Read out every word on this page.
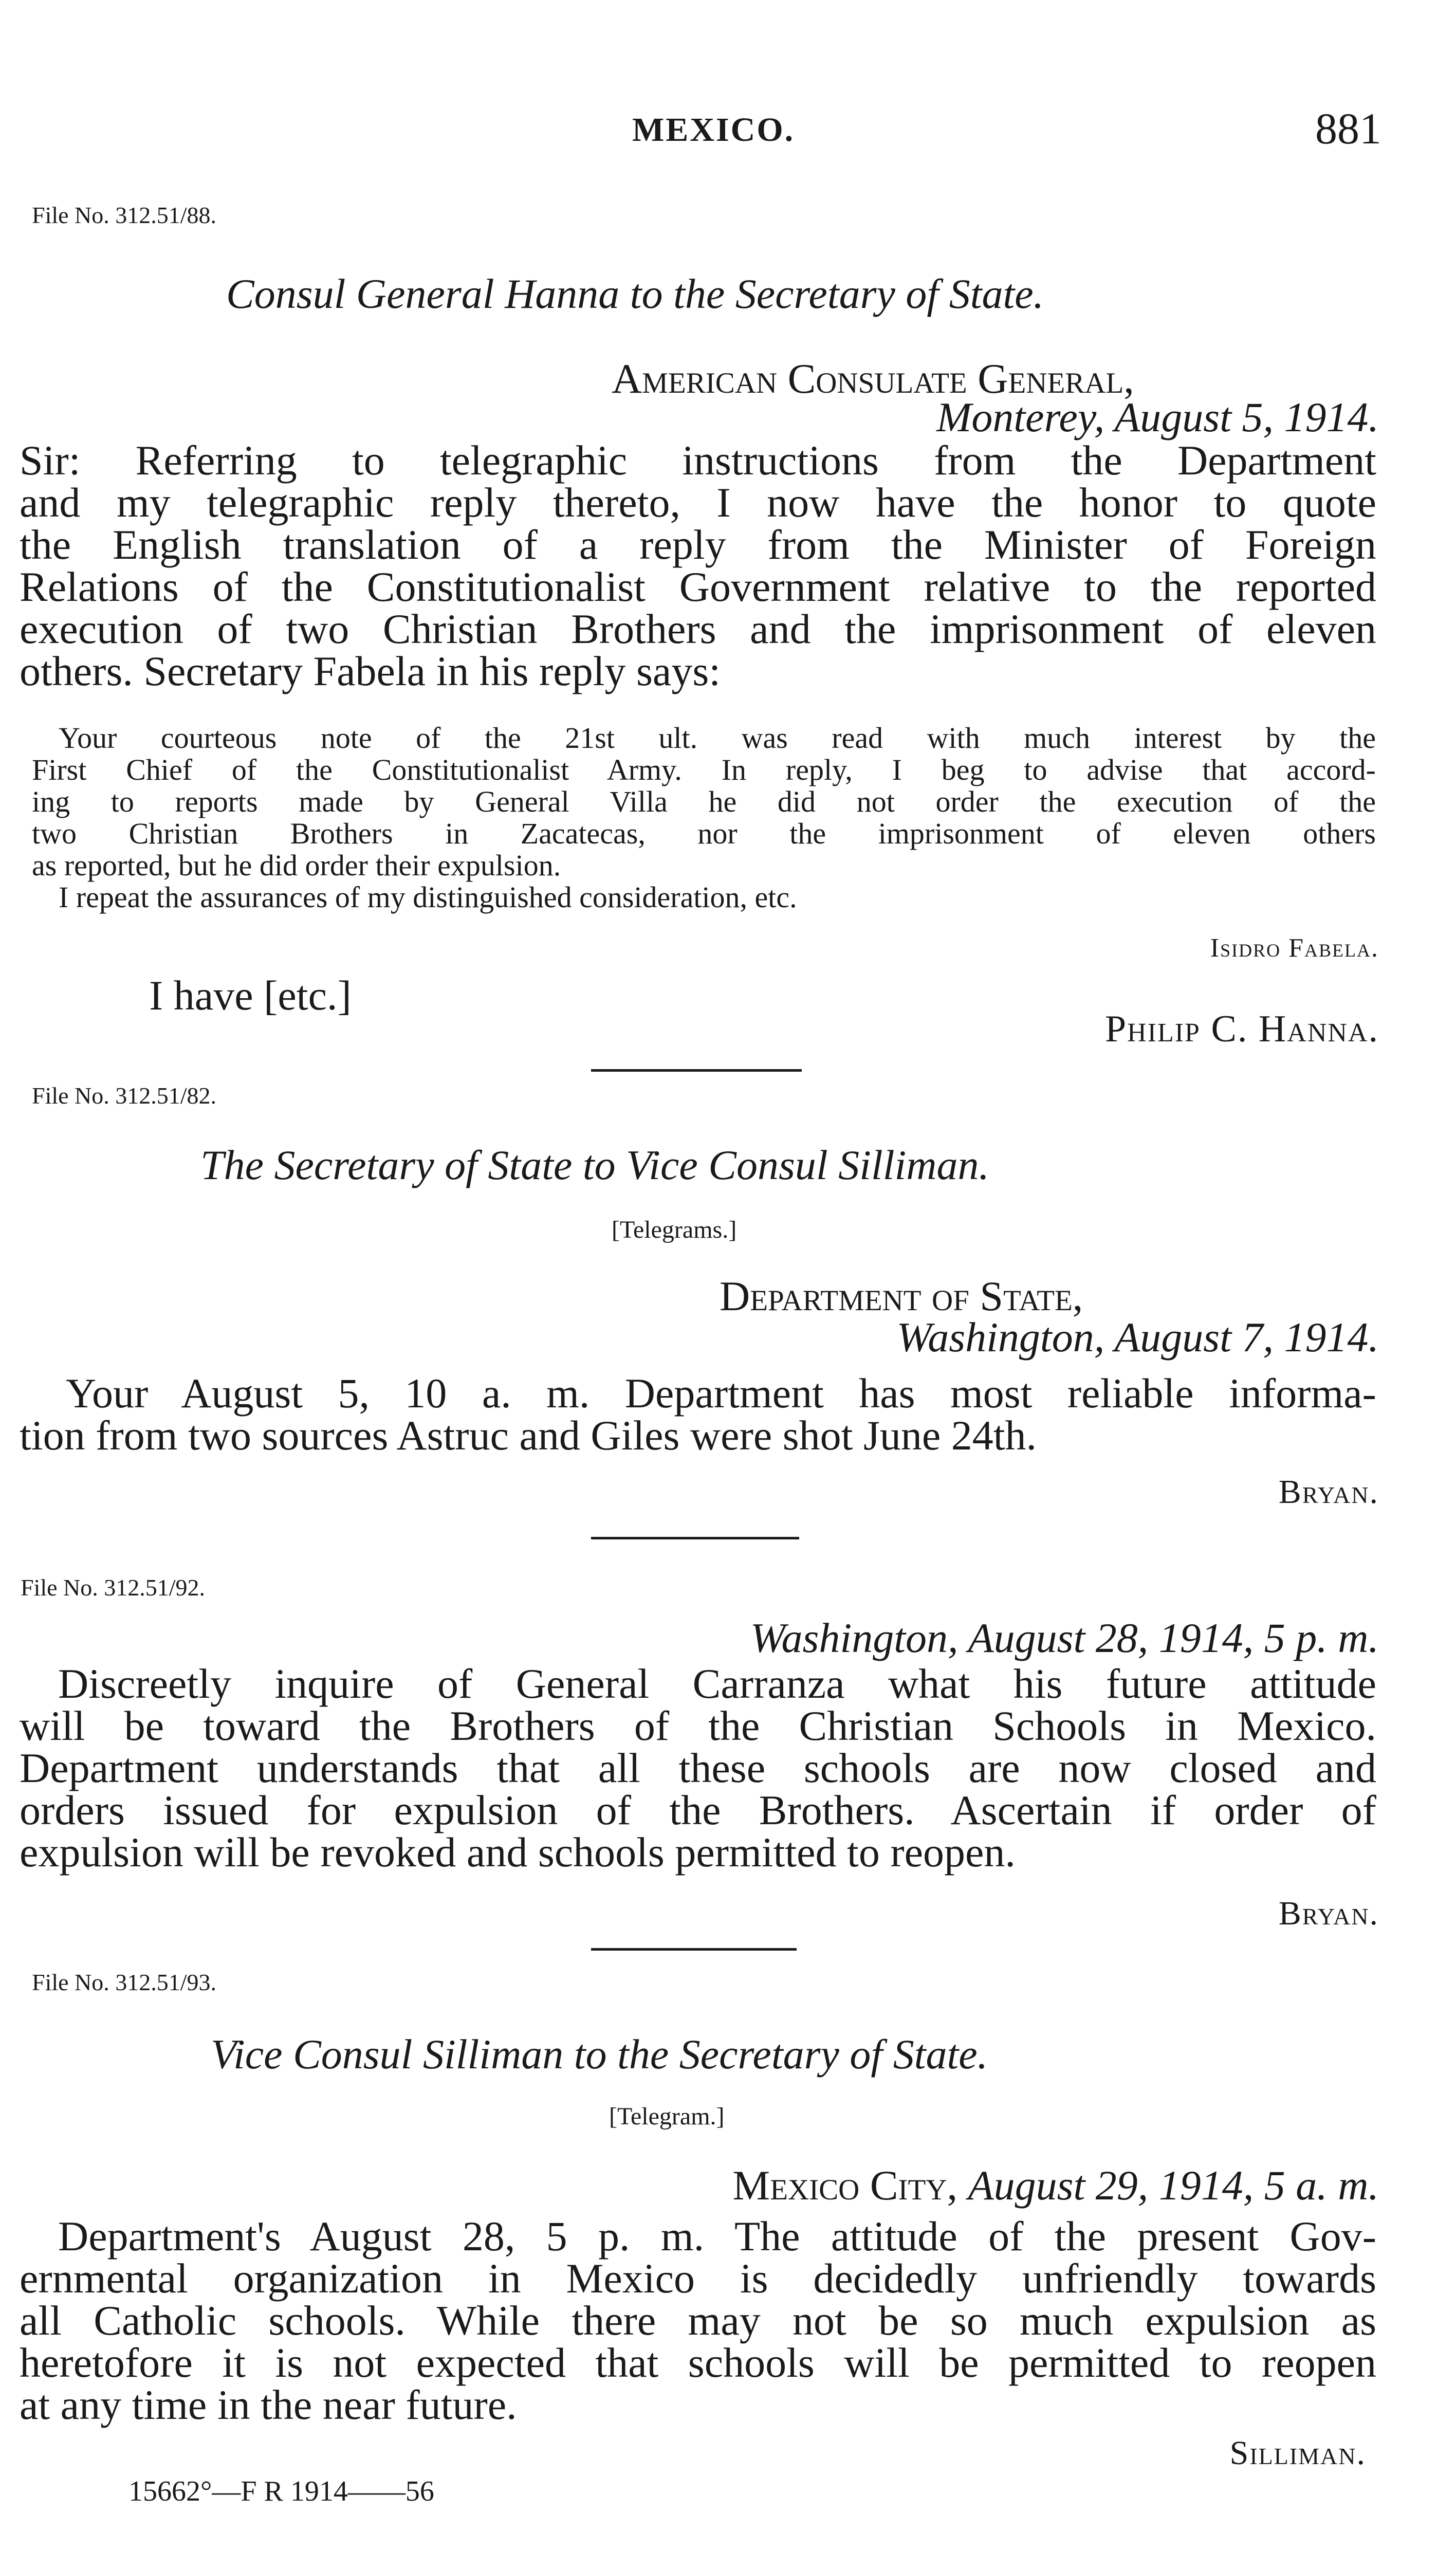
MEXICO.	881
File No. 312.51/88.
Consul General Hanna to the Secretary of State.
American Consulate General,
Monterey, August 5, 1914.
Sir: Referring to telegraphic instructions from the Department
and my telegraphic reply thereto, I now have the honor to quote
the English translation of a reply from the Minister of Foreign
Relations of the Constitutionalist Government relative to the reported
execution of two Christian Brothers and the imprisonment of eleven
others. Secretary Fabela in his reply says:
Your courteous note of the 21st ult. was read with much interest by the
First Chief of the Constitutionalist Army. In reply, I beg to advise that accord-
ing to reports made by General Villa he did not order the execution of the
two Christian Brothers in Zacatecas, nor the imprisonment of eleven others
as reported, but he did order their expulsion.
I repeat the assurances of my distinguished consideration, etc.
Isidro Fabela.
I have [etc.]
Philip C. Hanna.
File No. 312.51/82.
The Secretary of State to Vice Consul Silliman.
[Telegrams.]
Department of State,
Washington, August 7, 1914.
Your August 5, 10 a. m. Department has most reliable informa-
tion from two sources Astruc and Giles were shot June 24th.
Bryan.
File No. 312.51/92.
Washington, August 28, 1914, 5 p. m.
Discreetly inquire of General Carranza what his future attitude
will be toward the Brothers of the Christian Schools in Mexico.
Department understands that all these schools are now closed and
orders issued for expulsion of the Brothers. Ascertain if order of
expulsion will be revoked and schools permitted to reopen.
Bryan.
File No. 312.51/93.
Vice Consul Silliman to the Secretary of State.
[Telegram.]
Mexico City, August 29, 1914, 5 a. m.
Department's August 28, 5 p. m. The attitude of the present Gov-
ernmental organization in Mexico is decidedly unfriendly towards
all Catholic schools. While there may not be so much expulsion as
heretofore it is not expected that schools will be permitted to reopen
at any time in the near future.
Silliman.
15662°—F R 1914——56
